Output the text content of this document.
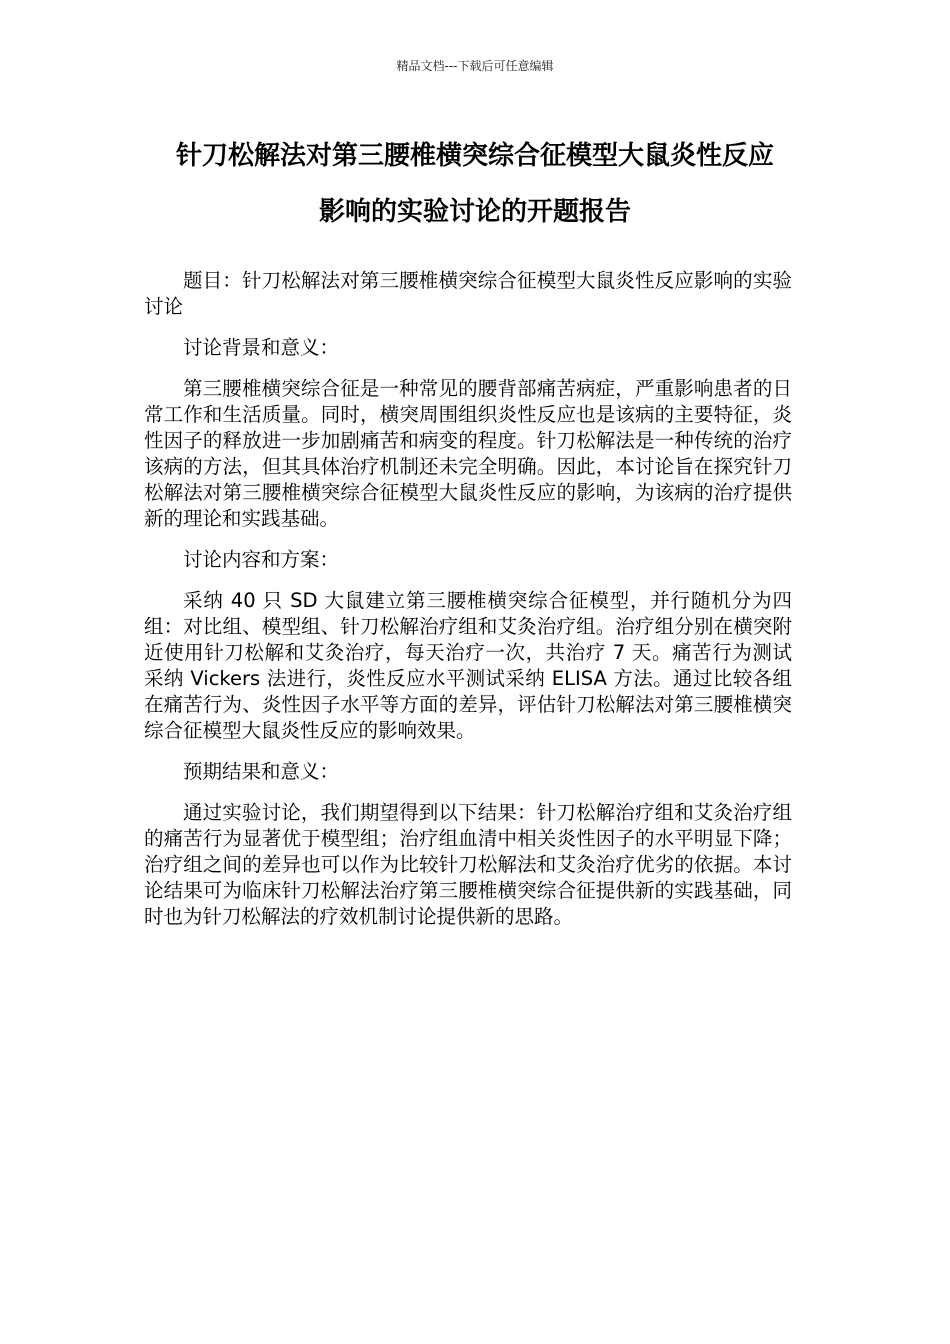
精品文档---下载后可任意编辑
针刀松解法对第三腰椎横突综合征模型大鼠炎性反应
影响的实验讨论的开题报告

题目：针刀松解法对第三腰椎横突综合征模型大鼠炎性反应影响的实验讨论

讨论背景和意义：

第三腰椎横突综合征是一种常见的腰背部痛苦病症，严重影响患者的日常工作和生活质量。同时，横突周围组织炎性反应也是该病的主要特征，炎性因子的释放进一步加剧痛苦和病变的程度。针刀松解法是一种传统的治疗该病的方法，但其具体治疗机制还未完全明确。因此，本讨论旨在探究针刀松解法对第三腰椎横突综合征模型大鼠炎性反应的影响，为该病的治疗提供新的理论和实践基础。

讨论内容和方案：

采纳 40 只 SD 大鼠建立第三腰椎横突综合征模型，并行随机分为四组：对比组、模型组、针刀松解治疗组和艾灸治疗组。治疗组分别在横突附近使用针刀松解和艾灸治疗，每天治疗一次，共治疗 7 天。痛苦行为测试采纳 Vickers 法进行，炎性反应水平测试采纳 ELISA 方法。通过比较各组在痛苦行为、炎性因子水平等方面的差异，评估针刀松解法对第三腰椎横突综合征模型大鼠炎性反应的影响效果。

预期结果和意义：

通过实验讨论，我们期望得到以下结果：针刀松解治疗组和艾灸治疗组的痛苦行为显著优于模型组；治疗组血清中相关炎性因子的水平明显下降；治疗组之间的差异也可以作为比较针刀松解法和艾灸治疗优劣的依据。本讨论结果可为临床针刀松解法治疗第三腰椎横突综合征提供新的实践基础，同时也为针刀松解法的疗效机制讨论提供新的思路。
